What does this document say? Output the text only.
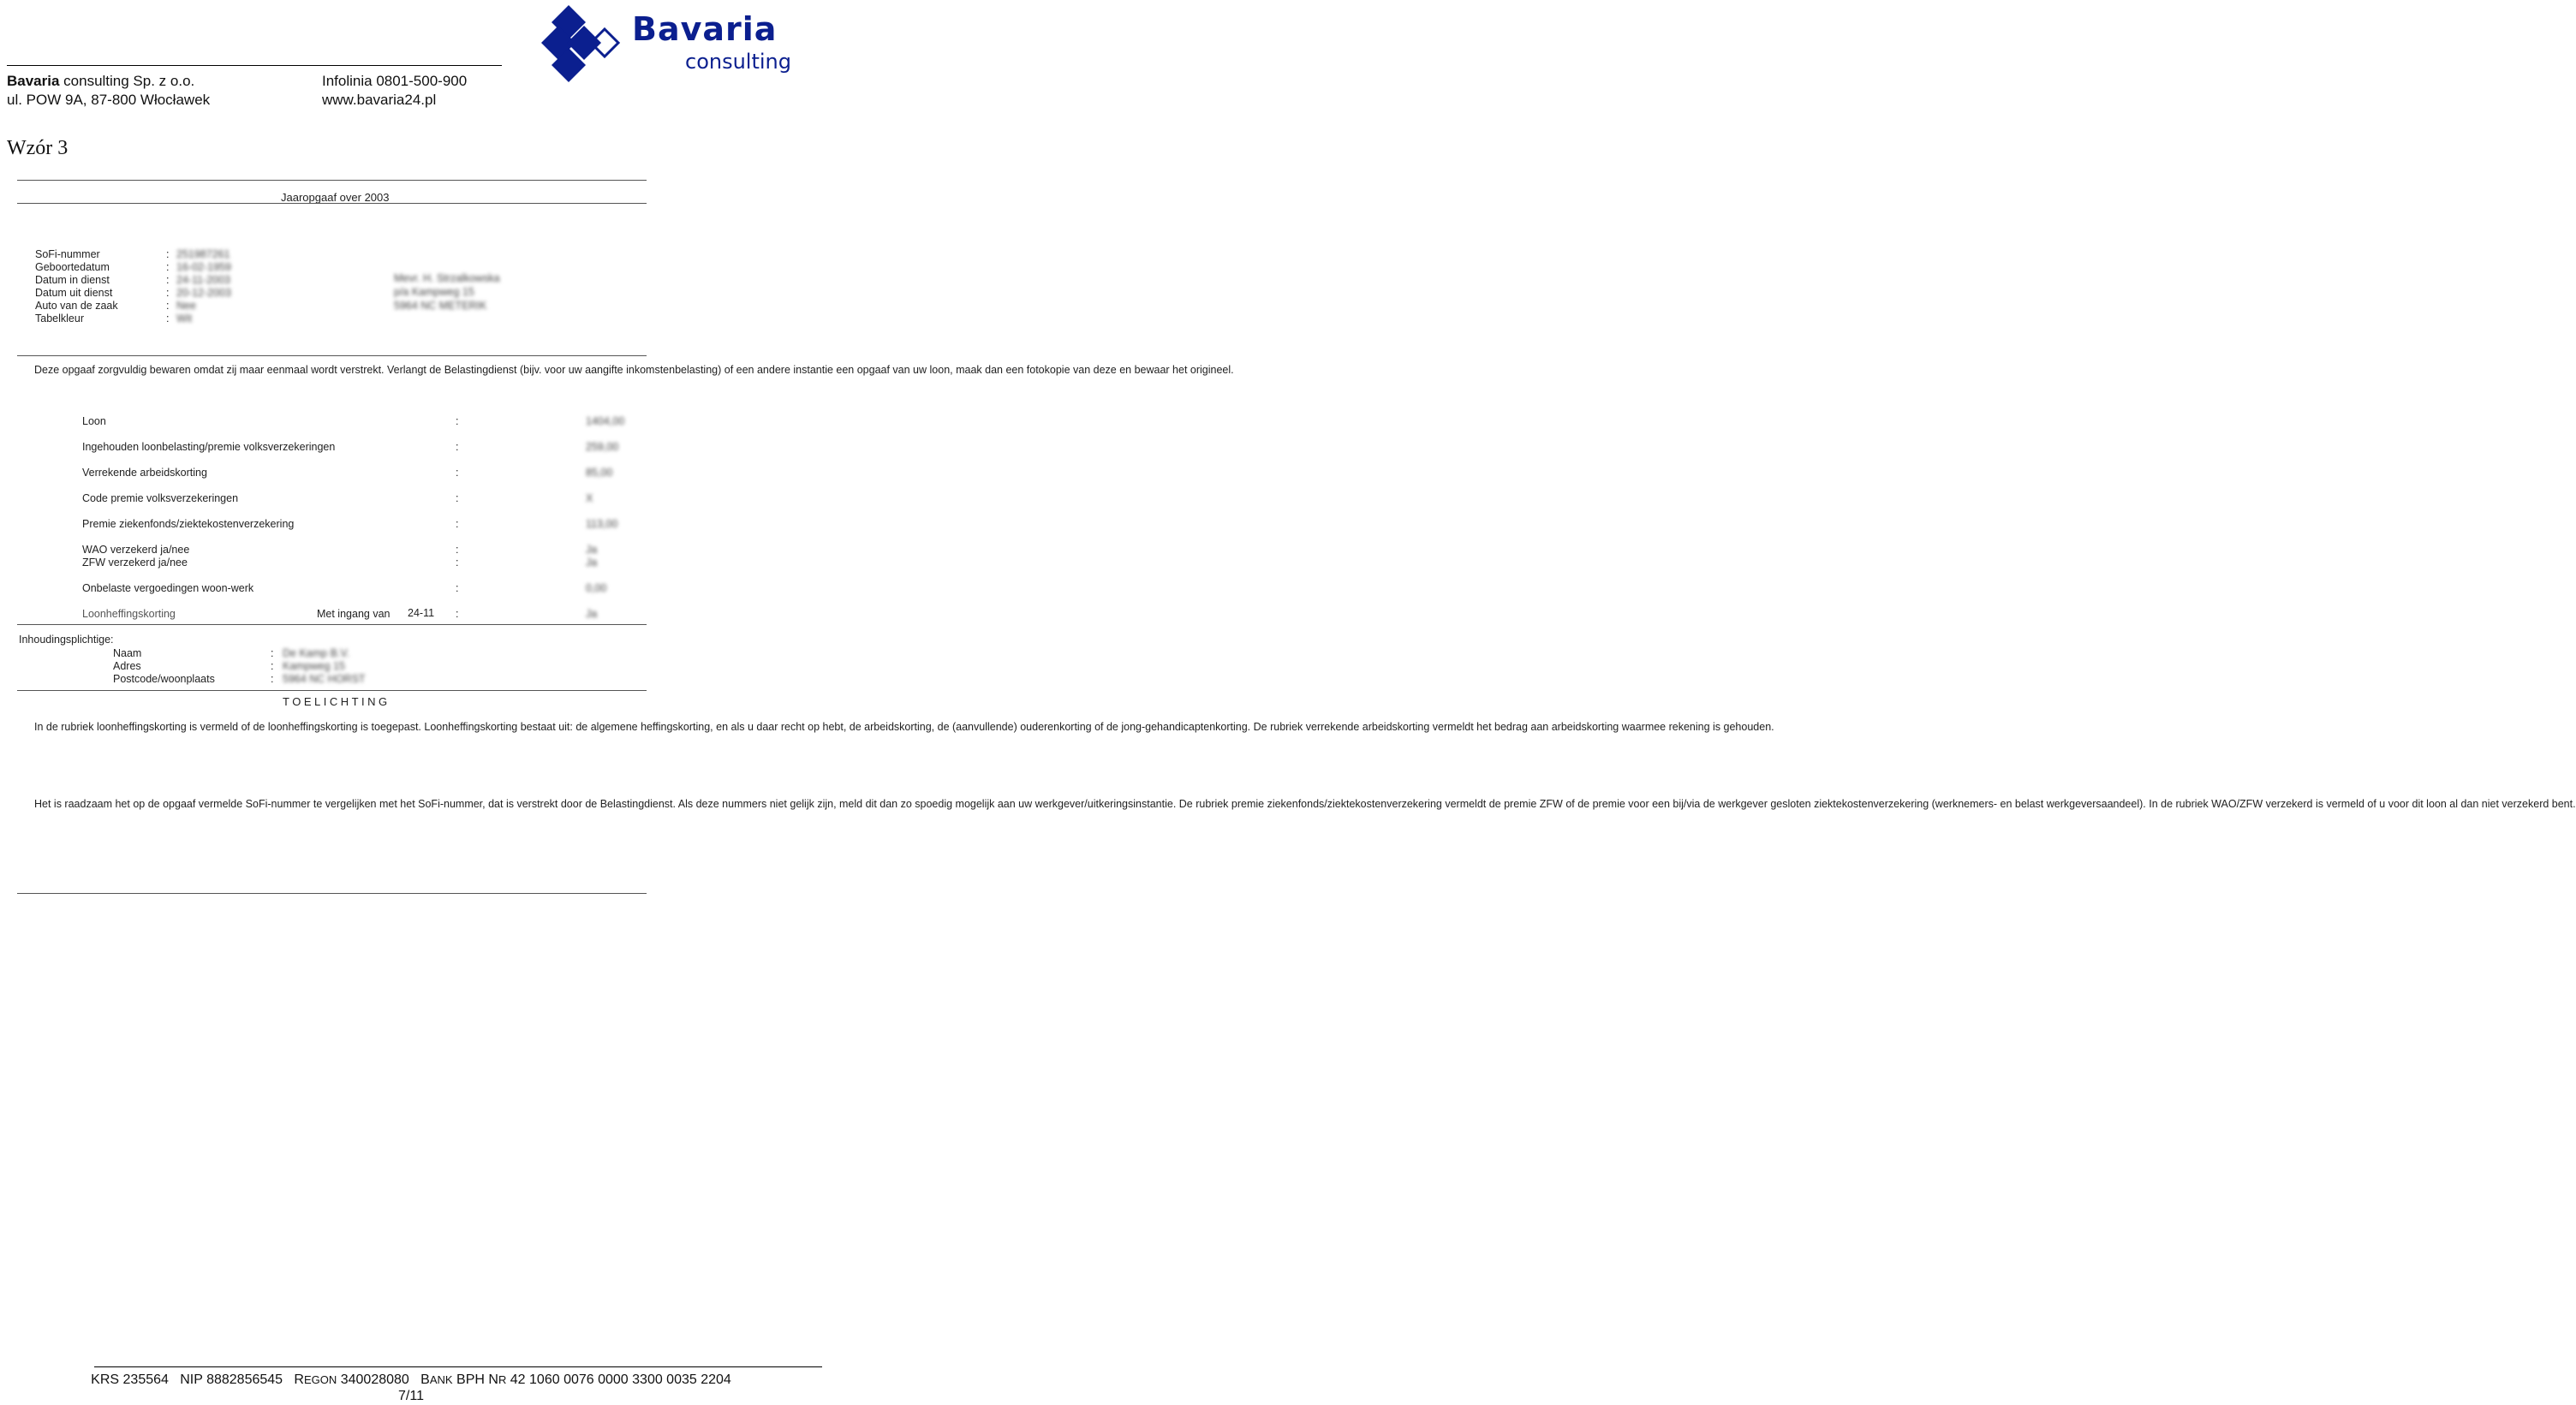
Bavaria consulting Sp. z o.o.
ul. POW 9A, 87-800 Włocławek
Infolinia 0801-500-900
www.bavaria24.pl
Bavaria
consulting
Wzór 3
Jaaropgaaf over 2003
SoFi-nummer	: 251987261
Geboortedatum	: 16-02-1959
Datum in dienst	: 24-11-2003
Datum uit dienst	: 20-12-2003
Auto van de zaak	: Nee
Tabelkleur	: Wit
Mevr. H. Strzalkowska
p/a Kampweg 15
5964 NC METERIK
Deze opgaaf zorgvuldig bewaren omdat zij maar eenmaal wordt verstrekt. Verlangt de Belastingdienst (bijv. voor uw aangifte inkomstenbelasting) of een andere instantie een opgaaf van uw loon, maak dan een fotokopie van deze en bewaar het origineel.
Loon	:	1404,00
Ingehouden loonbelasting/premie volksverzekeringen	:	259,00
Verrekende arbeidskorting	:	85,00
Code premie volksverzekeringen	:	X
Premie ziekenfonds/ziektekostenverzekering	:	113,00
WAO verzekerd ja/nee	:	Ja
ZFW verzekerd ja/nee	:	Ja
Onbelaste vergoedingen woon-werk	:	0,00
Loonheffingskorting	Met ingang van 24-11 :	Ja
Inhoudingsplichtige:
Naam	: De Kamp B.V.
Adres	: Kampweg 15
Postcode/woonplaats	: 5964 NC HORST
TOELICHTING
In de rubriek loonheffingskorting is vermeld of de loonheffingskorting is toegepast. Loonheffingskorting bestaat uit: de algemene heffingskorting, en als u daar recht op hebt, de arbeidskorting, de (aanvullende) ouderenkorting of de jong-gehandicaptenkorting. De rubriek verrekende arbeidskorting vermeldt het bedrag aan arbeidskorting waarmee rekening is gehouden.
Het is raadzaam het op de opgaaf vermelde SoFi-nummer te vergelijken met het SoFi-nummer, dat is verstrekt door de Belastingdienst. Als deze nummers niet gelijk zijn, meld dit dan zo spoedig mogelijk aan uw werkgever/uitkeringsinstantie. De rubriek premie ziekenfonds/ziektekostenverzekering vermeldt de premie ZFW of de premie voor een bij/via de werkgever gesloten ziektekostenverzekering (werknemers- en belast werkgeversaandeel). In de rubriek WAO/ZFW verzekerd is vermeld of u voor dit loon al dan niet verzekerd bent.
KRS 235564 NIP 8882856545 REGON 340028080 BANK BPH NR 42 1060 0076 0000 3300 0035 2204
7/11
